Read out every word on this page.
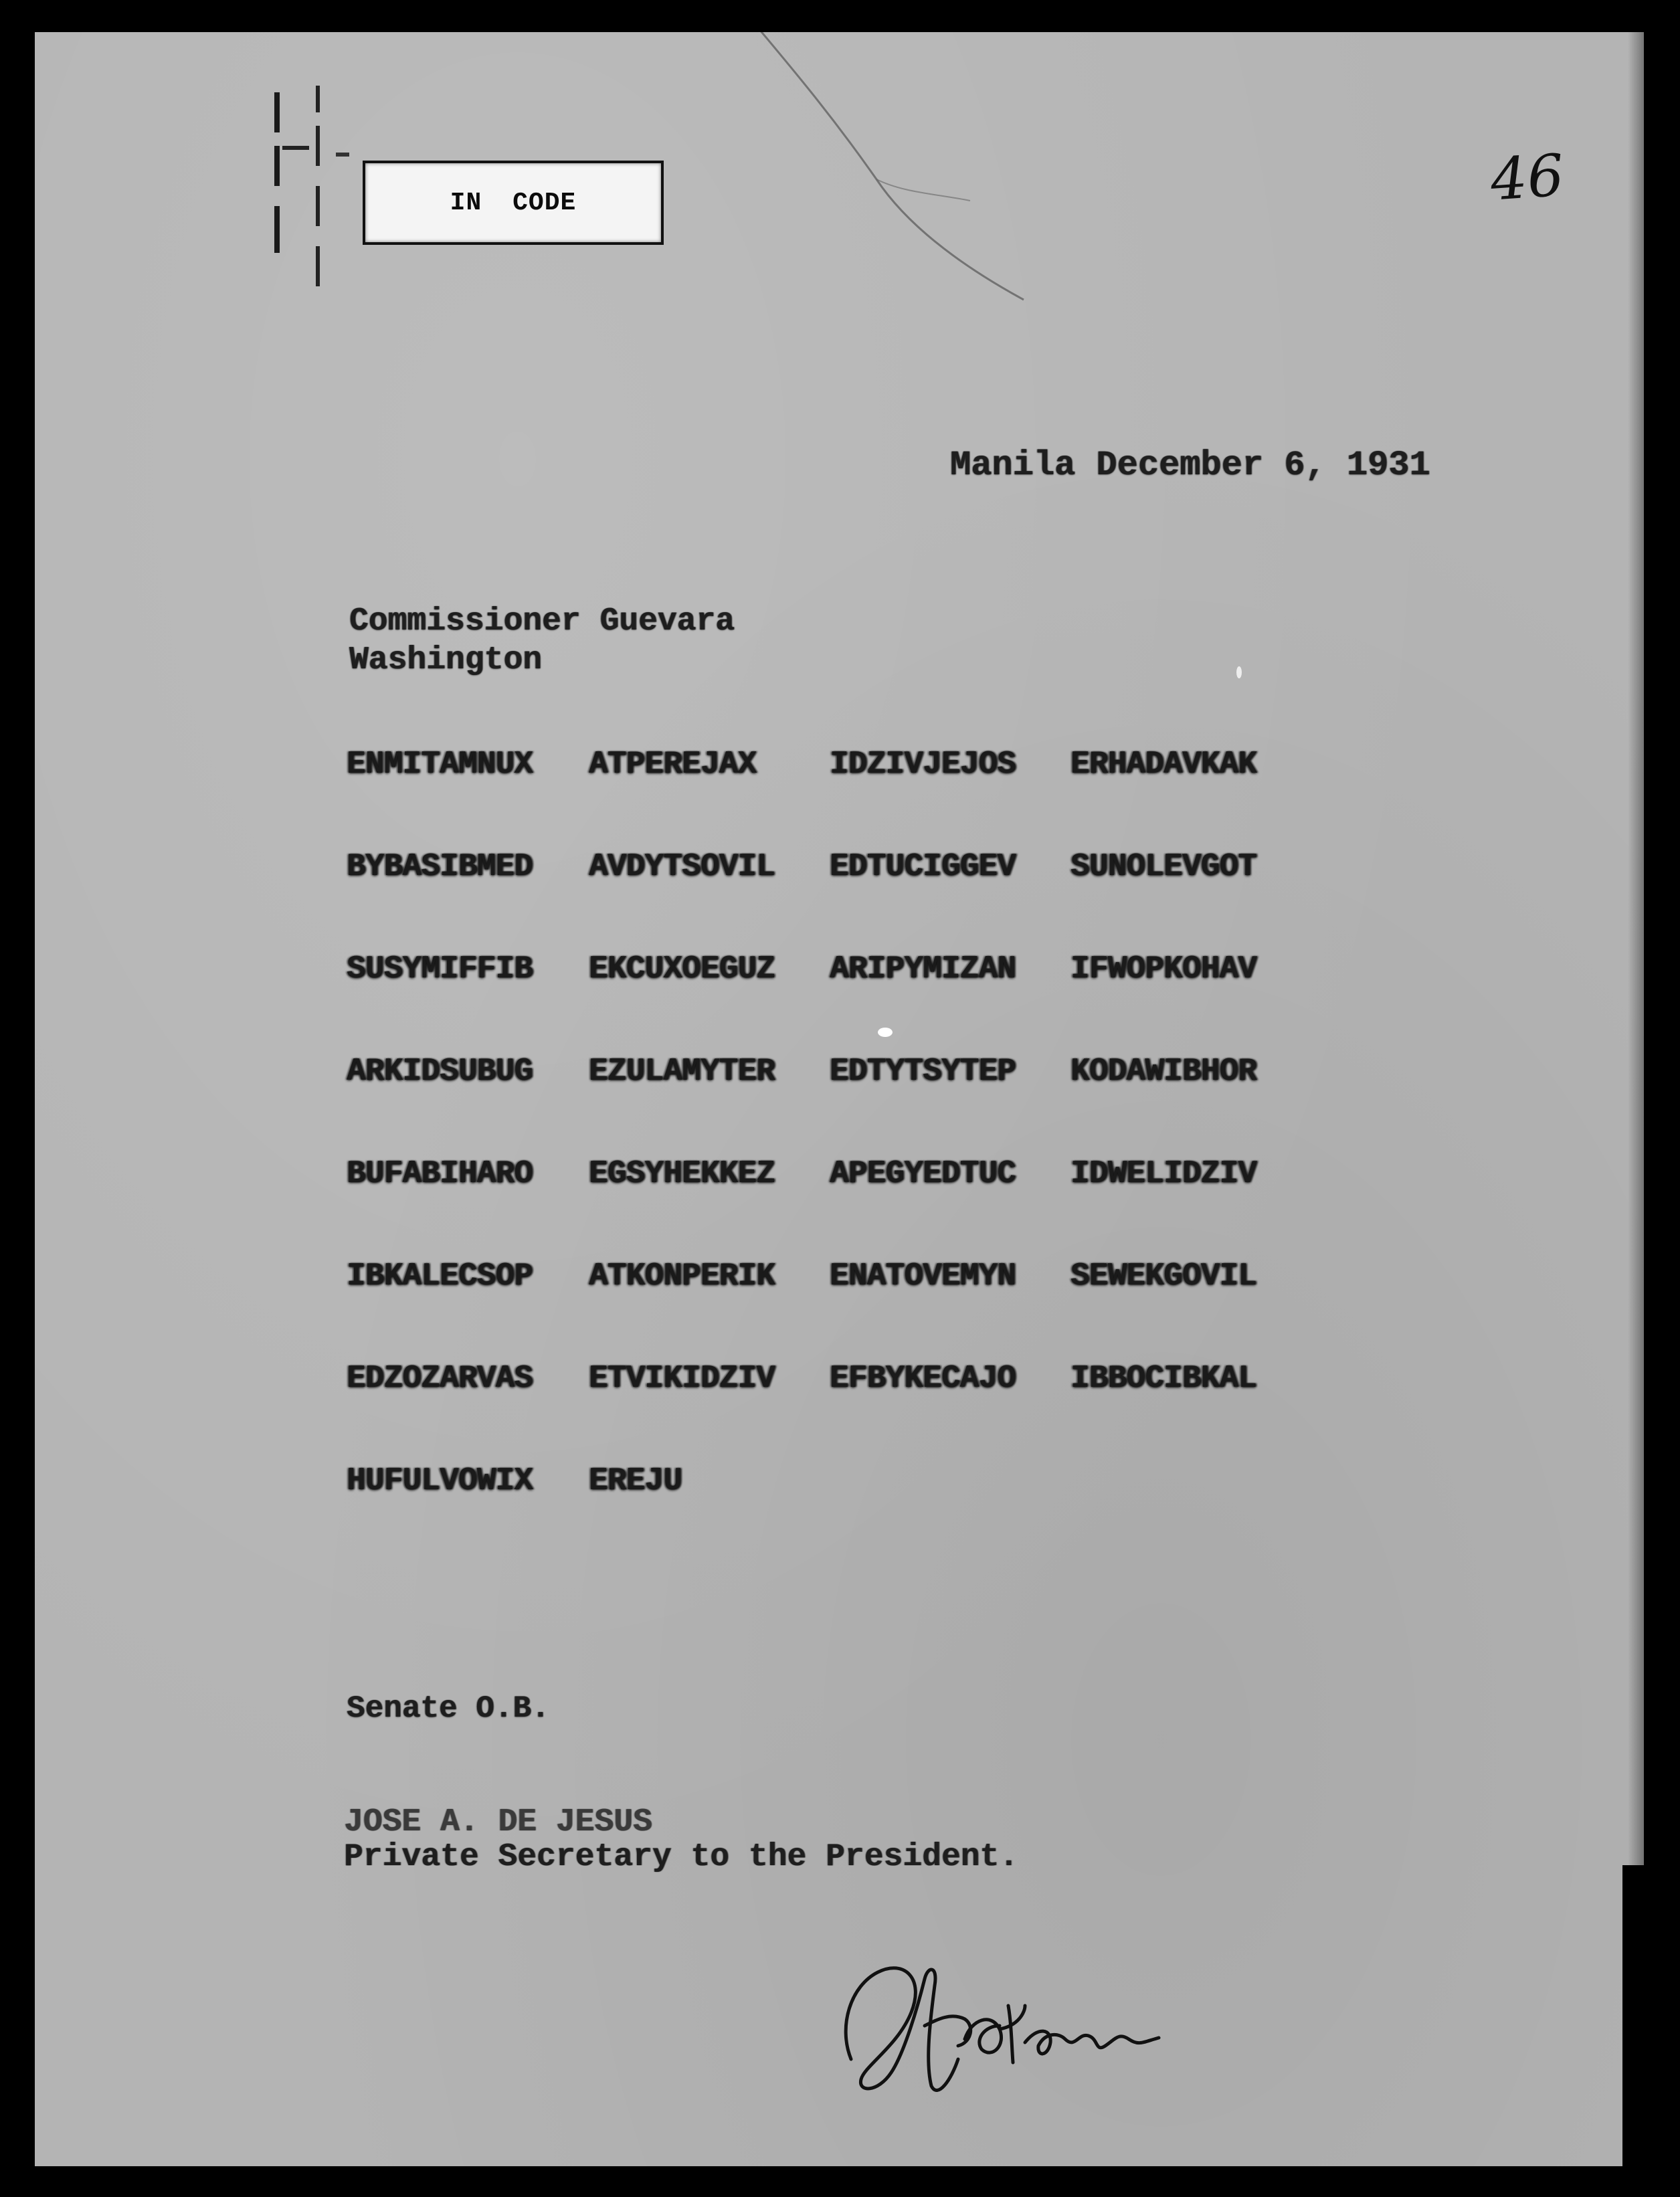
IN CODE	46
Manila December 6, 1931
Commissioner Guevara
Washington
ENMITAMNUX ATPEREJAX IDZIVJEJOS ERHADAVKAK
BYBASIBMED AVDYTSOVIL EDTUCIGGEV SUNOLEVGOT
SUSYMIFFIB EKCUXOEGUZ ARIPYMIZAN IFWOPKOHAV
ARKIDSUBUG EZULAMYTER EDTYTSYTEP KODAWIBHOR
BUFABIHARO EGSYHEKKEZ APEGYEDTUC IDWELIDZIV
IBKALECSOP ATKONPERIK ENATOVEMYN SEWEKGOVIL
EDZOZARVAS ETVIKIDZIV EFBYKECAJO IBBOCIBKAL
HUFULVOWIX EREJU
Senate O.B.
JOSE A. DE JESUS
Private Secretary to the President.
